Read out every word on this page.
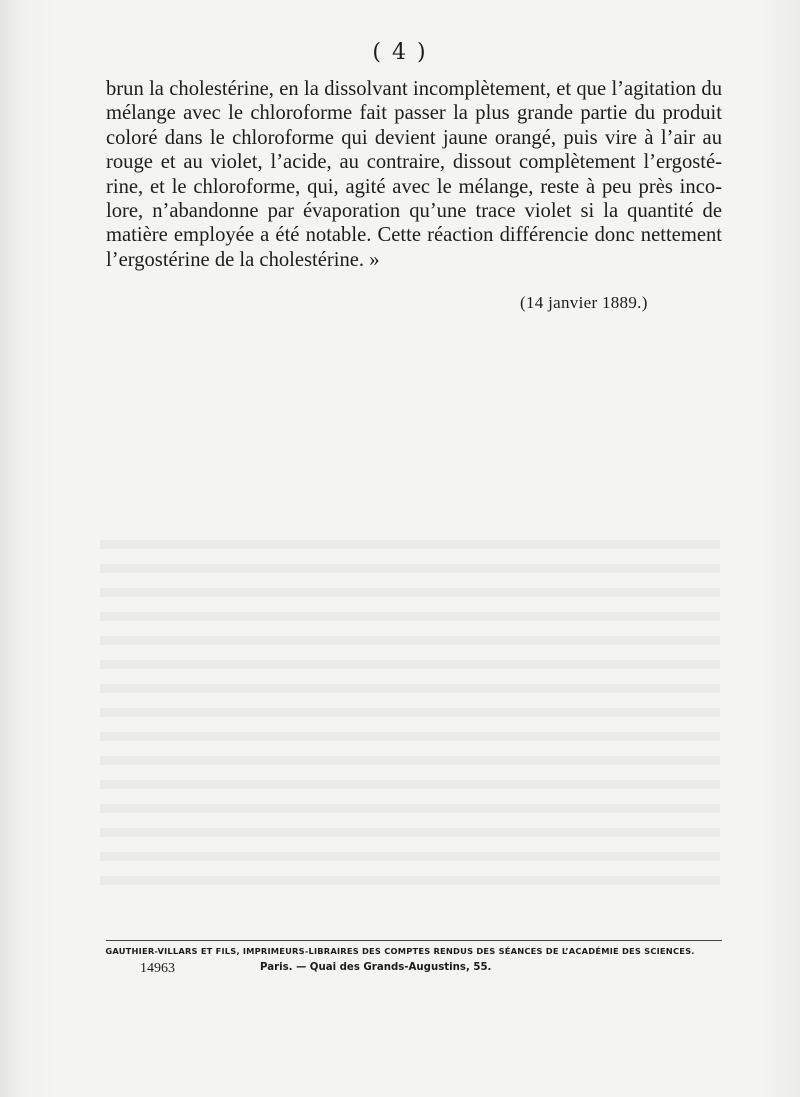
( 4 )
brun la cholestérine, en la dissolvant incomplètement, et que l’agitation du
mélange avec le chloroforme fait passer la plus grande partie du produit
coloré dans le chloroforme qui devient jaune orangé, puis vire à l’air au
rouge et au violet, l’acide, au contraire, dissout complètement l’ergosté-
rine, et le chloroforme, qui, agité avec le mélange, reste à peu près inco-
lore, n’abandonne par évaporation qu’une trace violet si la quantité de
matière employée a été notable. Cette réaction différencie donc nettement
l’ergostérine de la cholestérine. »
(14 janvier 1889.)
GAUTHIER-VILLARS ET FILS, IMPRIMEURS-LIBRAIRES DES COMPTES RENDUS DES SÉANCES DE L’ACADÉMIE DES SCIENCES.
14963	Paris. — Quai des Grands-Augustins, 55.
